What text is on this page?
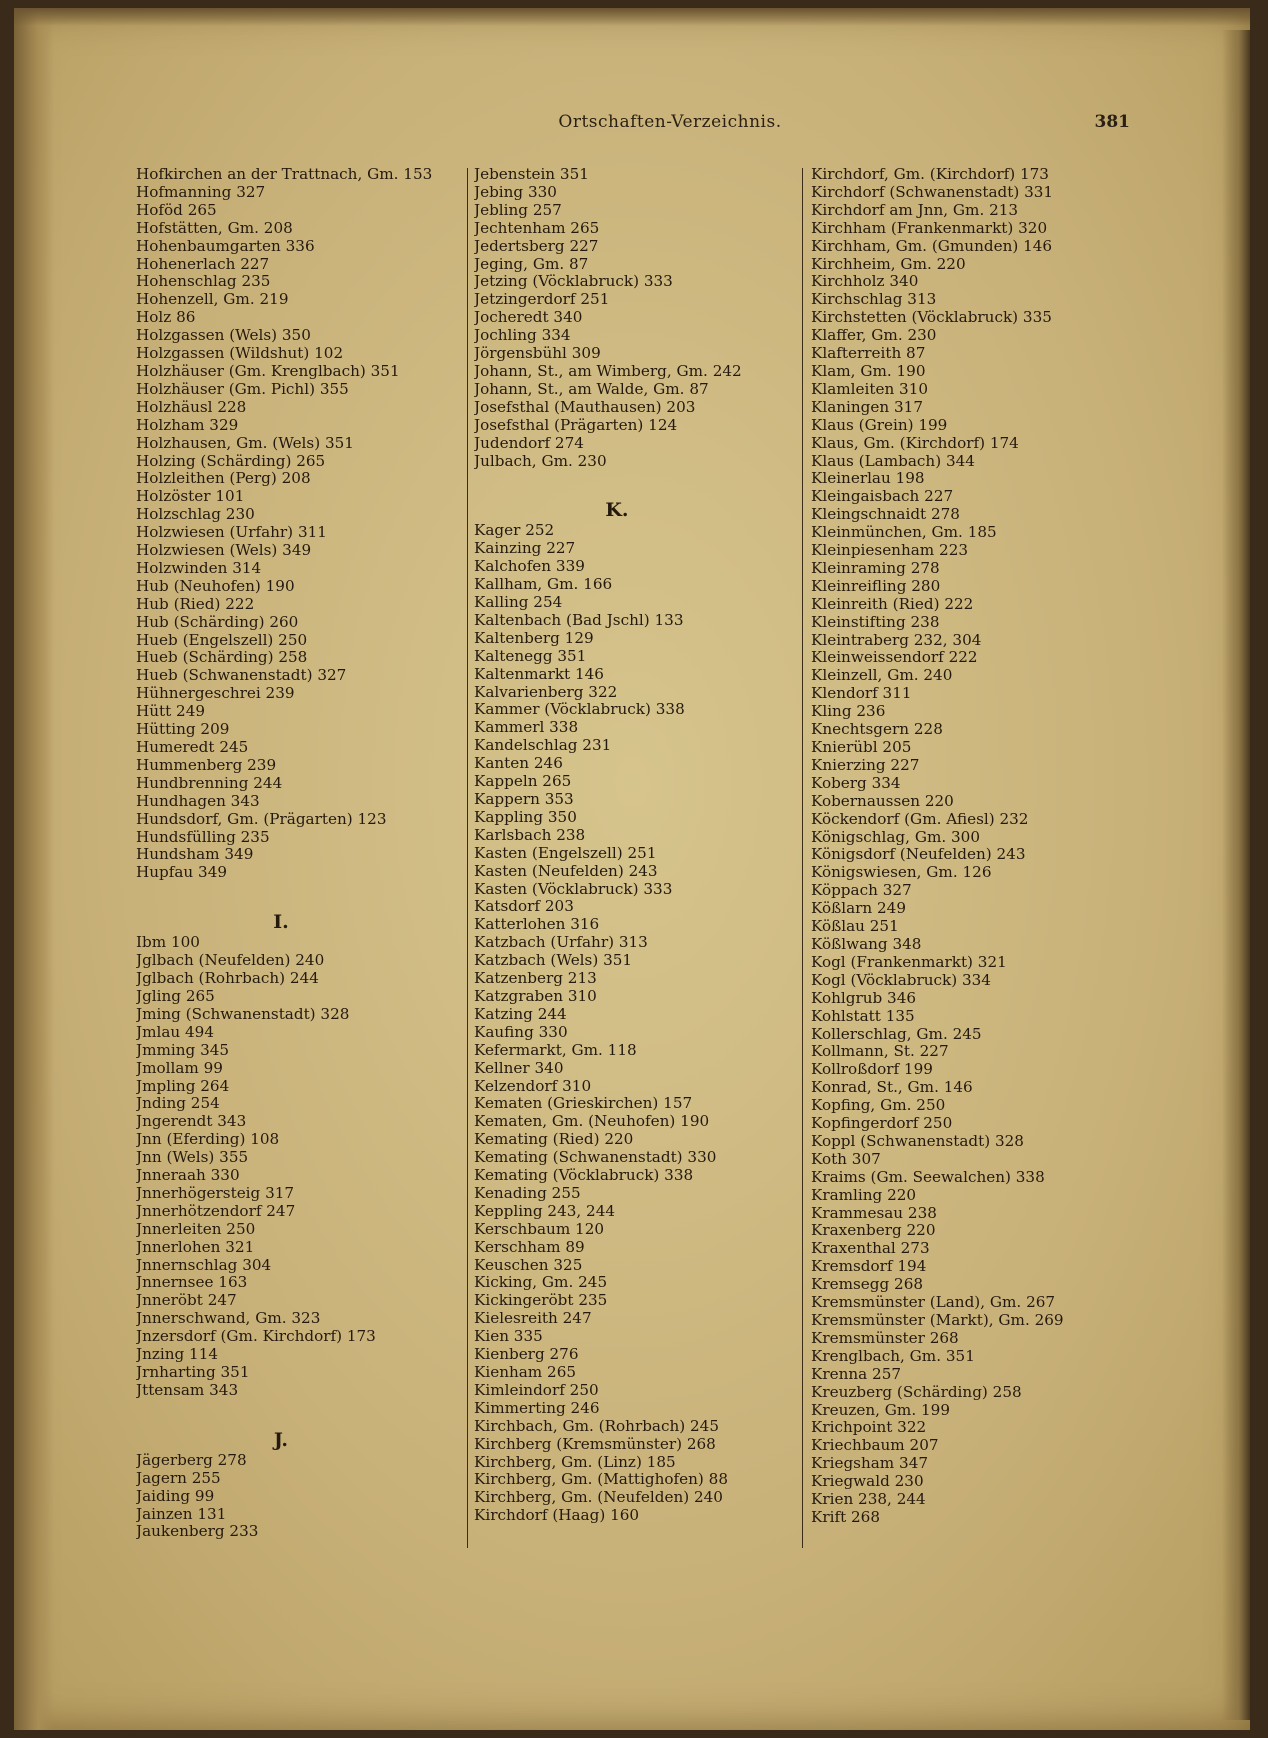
Ortschaften-Verzeichnis.	381
Hofkirchen an der Trattnach, Gm. 153
Hofmanning 327
Hoföd 265
Hofstätten, Gm. 208
Hohenbaumgarten 336
Hohenerlach 227
Hohenschlag 235
Hohenzell, Gm. 219
Holz 86
Holzgassen (Wels) 350
Holzgassen (Wildshut) 102
Holzhäuser (Gm. Krenglbach) 351
Holzhäuser (Gm. Pichl) 355
Holzhäusl 228
Holzham 329
Holzhausen, Gm. (Wels) 351
Holzing (Schärding) 265
Holzleithen (Perg) 208
Holzöster 101
Holzschlag 230
Holzwiesen (Urfahr) 311
Holzwiesen (Wels) 349
Holzwinden 314
Hub (Neuhofen) 190
Hub (Ried) 222
Hub (Schärding) 260
Hueb (Engelszell) 250
Hueb (Schärding) 258
Hueb (Schwanenstadt) 327
Hühnergeschrei 239
Hütt 249
Hütting 209
Humeredt 245
Hummenberg 239
Hundbrenning 244
Hundhagen 343
Hundsdorf, Gm. (Prägarten) 123
Hundsfülling 235
Hundsham 349
Hupfau 349
I.
Ibm 100
Jglbach (Neufelden) 240
Jglbach (Rohrbach) 244
Jgling 265
Jming (Schwanenstadt) 328
Jmlau 494
Jmming 345
Jmollam 99
Jmpling 264
Jnding 254
Jngerendt 343
Jnn (Eferding) 108
Jnn (Wels) 355
Jnneraah 330
Jnnerhögersteig 317
Jnnerhötzendorf 247
Jnnerleiten 250
Jnnerlohen 321
Jnnernschlag 304
Jnnernsee 163
Jnneröbt 247
Jnnerschwand, Gm. 323
Jnzersdorf (Gm. Kirchdorf) 173
Jnzing 114
Jrnharting 351
Jttensam 343
J.
Jägerberg 278
Jagern 255
Jaiding 99
Jainzen 131
Jaukenberg 233
Jebenstein 351
Jebing 330
Jebling 257
Jechtenham 265
Jedertsberg 227
Jeging, Gm. 87
Jetzing (Vöcklabruck) 333
Jetzingerdorf 251
Jocheredt 340
Jochling 334
Jörgensbühl 309
Johann, St., am Wimberg, Gm. 242
Johann, St., am Walde, Gm. 87
Josefsthal (Mauthausen) 203
Josefsthal (Prägarten) 124
Judendorf 274
Julbach, Gm. 230
K.
Kager 252
Kainzing 227
Kalchofen 339
Kallham, Gm. 166
Kalling 254
Kaltenbach (Bad Jschl) 133
Kaltenberg 129
Kaltenegg 351
Kaltenmarkt 146
Kalvarienberg 322
Kammer (Vöcklabruck) 338
Kammerl 338
Kandelschlag 231
Kanten 246
Kappeln 265
Kappern 353
Kappling 350
Karlsbach 238
Kasten (Engelszell) 251
Kasten (Neufelden) 243
Kasten (Vöcklabruck) 333
Katsdorf 203
Katterlohen 316
Katzbach (Urfahr) 313
Katzbach (Wels) 351
Katzenberg 213
Katzgraben 310
Katzing 244
Kaufing 330
Kefermarkt, Gm. 118
Kellner 340
Kelzendorf 310
Kematen (Grieskirchen) 157
Kematen, Gm. (Neuhofen) 190
Kemating (Ried) 220
Kemating (Schwanenstadt) 330
Kemating (Vöcklabruck) 338
Kenading 255
Keppling 243, 244
Kerschbaum 120
Kerschham 89
Keuschen 325
Kicking, Gm. 245
Kickingeröbt 235
Kielesreith 247
Kien 335
Kienberg 276
Kienham 265
Kimleindorf 250
Kimmerting 246
Kirchbach, Gm. (Rohrbach) 245
Kirchberg (Kremsmünster) 268
Kirchberg, Gm. (Linz) 185
Kirchberg, Gm. (Mattighofen) 88
Kirchberg, Gm. (Neufelden) 240
Kirchdorf (Haag) 160
Kirchdorf, Gm. (Kirchdorf) 173
Kirchdorf (Schwanenstadt) 331
Kirchdorf am Jnn, Gm. 213
Kirchham (Frankenmarkt) 320
Kirchham, Gm. (Gmunden) 146
Kirchheim, Gm. 220
Kirchholz 340
Kirchschlag 313
Kirchstetten (Vöcklabruck) 335
Klaffer, Gm. 230
Klafterreith 87
Klam, Gm. 190
Klamleiten 310
Klaningen 317
Klaus (Grein) 199
Klaus, Gm. (Kirchdorf) 174
Klaus (Lambach) 344
Kleinerlau 198
Kleingaisbach 227
Kleingschnaidt 278
Kleinmünchen, Gm. 185
Kleinpiesenham 223
Kleinraming 278
Kleinreifling 280
Kleinreith (Ried) 222
Kleinstifting 238
Kleintraberg 232, 304
Kleinweissendorf 222
Kleinzell, Gm. 240
Klendorf 311
Kling 236
Knechtsgern 228
Knierübl 205
Knierzing 227
Koberg 334
Kobernaussen 220
Köckendorf (Gm. Afiesl) 232
Königschlag, Gm. 300
Königsdorf (Neufelden) 243
Königswiesen, Gm. 126
Köppach 327
Kößlarn 249
Kößlau 251
Kößlwang 348
Kogl (Frankenmarkt) 321
Kogl (Vöcklabruck) 334
Kohlgrub 346
Kohlstatt 135
Kollerschlag, Gm. 245
Kollmann, St. 227
Kollroßdorf 199
Konrad, St., Gm. 146
Kopfing, Gm. 250
Kopfingerdorf 250
Koppl (Schwanenstadt) 328
Koth 307
Kraims (Gm. Seewalchen) 338
Kramling 220
Krammesau 238
Kraxenberg 220
Kraxenthal 273
Kremsdorf 194
Kremsegg 268
Kremsmünster (Land), Gm. 267
Kremsmünster (Markt), Gm. 269
Kremsmünster 268
Krenglbach, Gm. 351
Krenna 257
Kreuzberg (Schärding) 258
Kreuzen, Gm. 199
Krichpoint 322
Kriechbaum 207
Kriegsham 347
Kriegwald 230
Krien 238, 244
Krift 268
